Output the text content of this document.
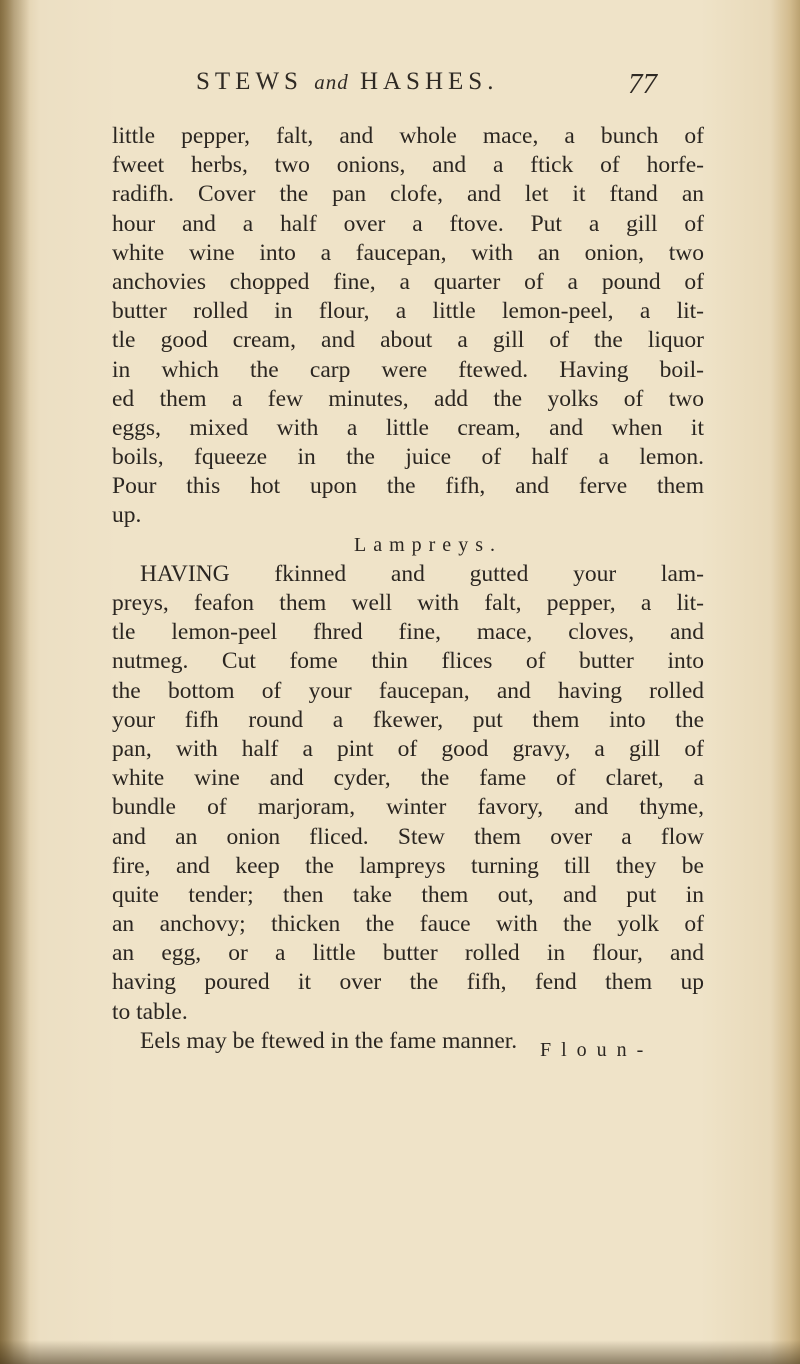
STEWS and HASHES.	77
little pepper, falt, and whole mace, a bunch of
fweet herbs, two onions, and a ftick of horfe-
radifh. Cover the pan clofe, and let it ftand an
hour and a half over a ftove. Put a gill of
white wine into a faucepan, with an onion, two
anchovies chopped fine, a quarter of a pound of
butter rolled in flour, a little lemon-peel, a lit-
tle good cream, and about a gill of the liquor
in which the carp were ftewed. Having boil-
ed them a few minutes, add the yolks of two
eggs, mixed with a little cream, and when it
boils, fqueeze in the juice of half a lemon.
Pour this hot upon the fifh, and ferve them
up.
Lampreys.
HAVING fkinned and gutted your lam-
preys, feafon them well with falt, pepper, a lit-
tle lemon-peel fhred fine, mace, cloves, and
nutmeg. Cut fome thin flices of butter into
the bottom of your faucepan, and having rolled
your fifh round a fkewer, put them into the
pan, with half a pint of good gravy, a gill of
white wine and cyder, the fame of claret, a
bundle of marjoram, winter favory, and thyme,
and an onion fliced. Stew them over a flow
fire, and keep the lampreys turning till they be
quite tender; then take them out, and put in
an anchovy; thicken the fauce with the yolk of
an egg, or a little butter rolled in flour, and
having poured it over the fifh, fend them up
to table.
Eels may be ftewed in the fame manner.	Floun-
